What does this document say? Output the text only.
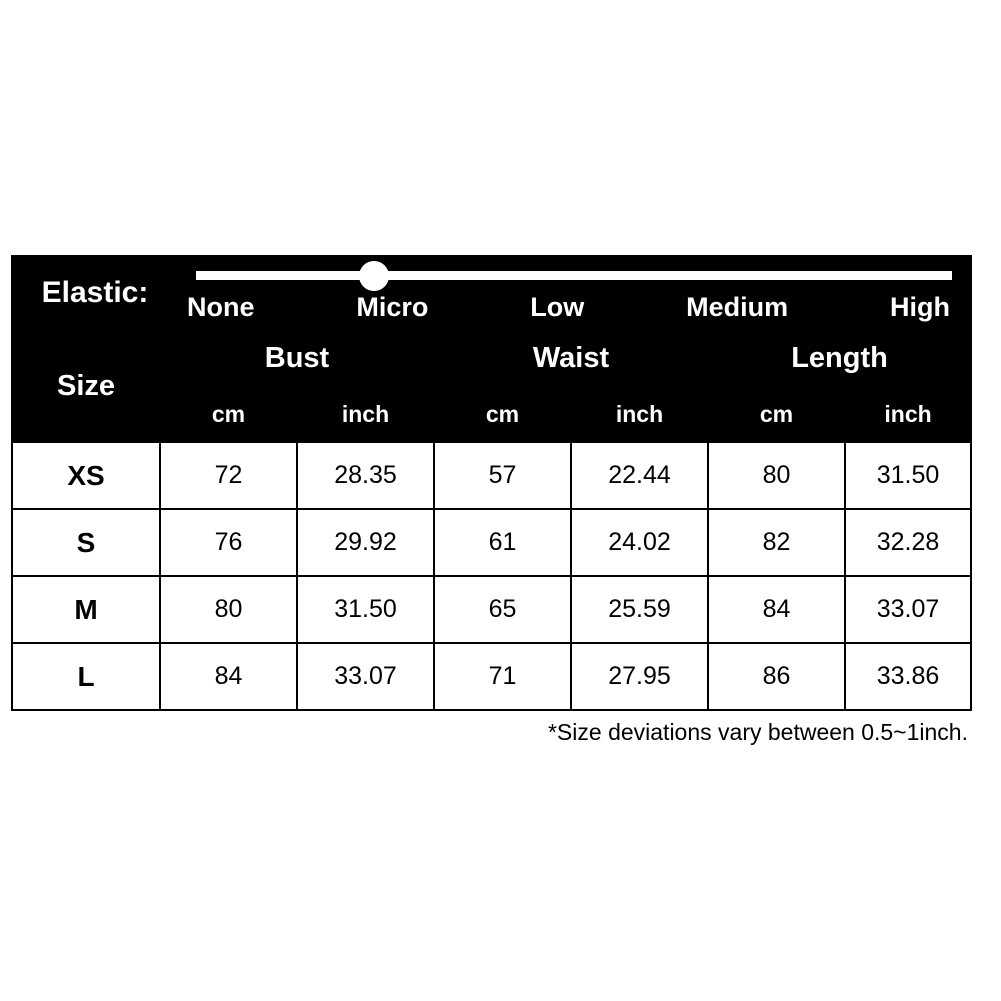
Elastic:	None Micro Low Medium High					

Size	Bust		Waist		Length	
	cm	inch	cm	inch	cm	inch
XS	72	28.35	57	22.44	80	31.50
S	76	29.92	61	24.02	82	32.28
M	80	31.50	65	25.59	84	33.07
L	84	33.07	71	27.95	86	33.86
*Size deviations vary between 0.5~1inch.
